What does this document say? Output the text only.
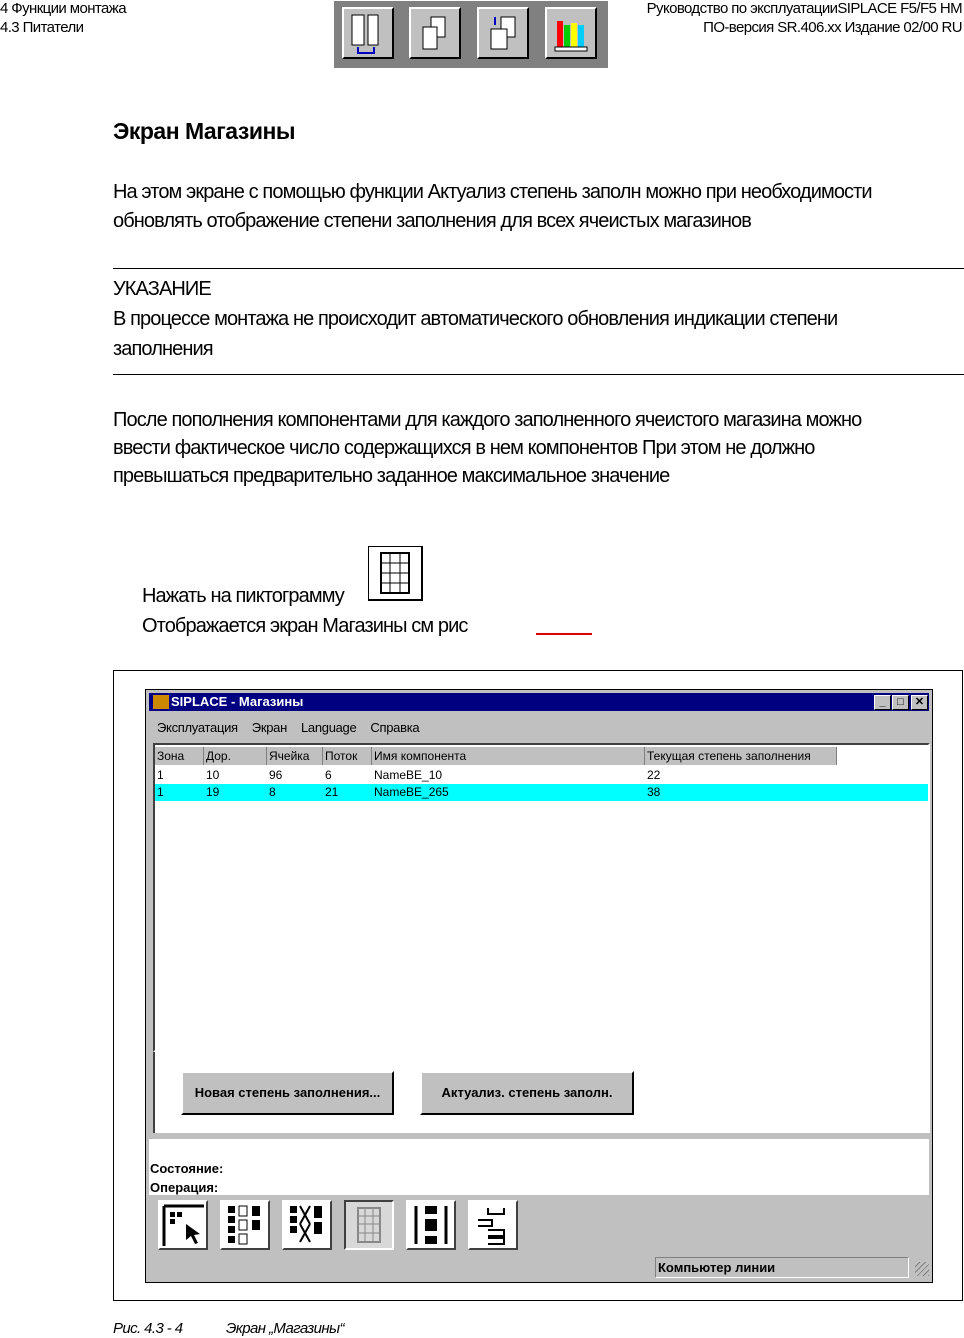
4 Функции монтажа
4.3 Питатели
Руководство по эксплуатацииSIPLACE F5/F5 HM
ПО-версия SR.406.xx Издание 02/00 RU
Экран Магазины
На этом экране с помощью функции Актуализ степень заполн можно при необходимости
обновлять отображение степени заполнения для всех ячеистых магазинов
УКАЗАНИЕ
В процессе монтажа не происходит автоматического обновления индикации степени
заполнения
После пополнения компонентами для каждого заполненного ячеистого магазина можно
ввести фактическое число содержащихся в нем компонентов При этом не должно
превышаться предварительно заданное максимальное значение
Нажать на пиктограмму
Отображается экран Магазины см рис
SIPLACE - Магазины	_	□	✕
Эксплуатация Экран Language Справка
Зона	Дор.	Ячейка	Поток	Имя компонента	Текущая степень заполнения
1	10	96	6	NameBE_10	22
1	19	8	21	NameBE_265	38
Новая степень заполнения...	Актуализ. степень заполн.
Состояние:
Операция:
Компьютер линии
Рис. 4.3 - 4	Экран „Магазины“
